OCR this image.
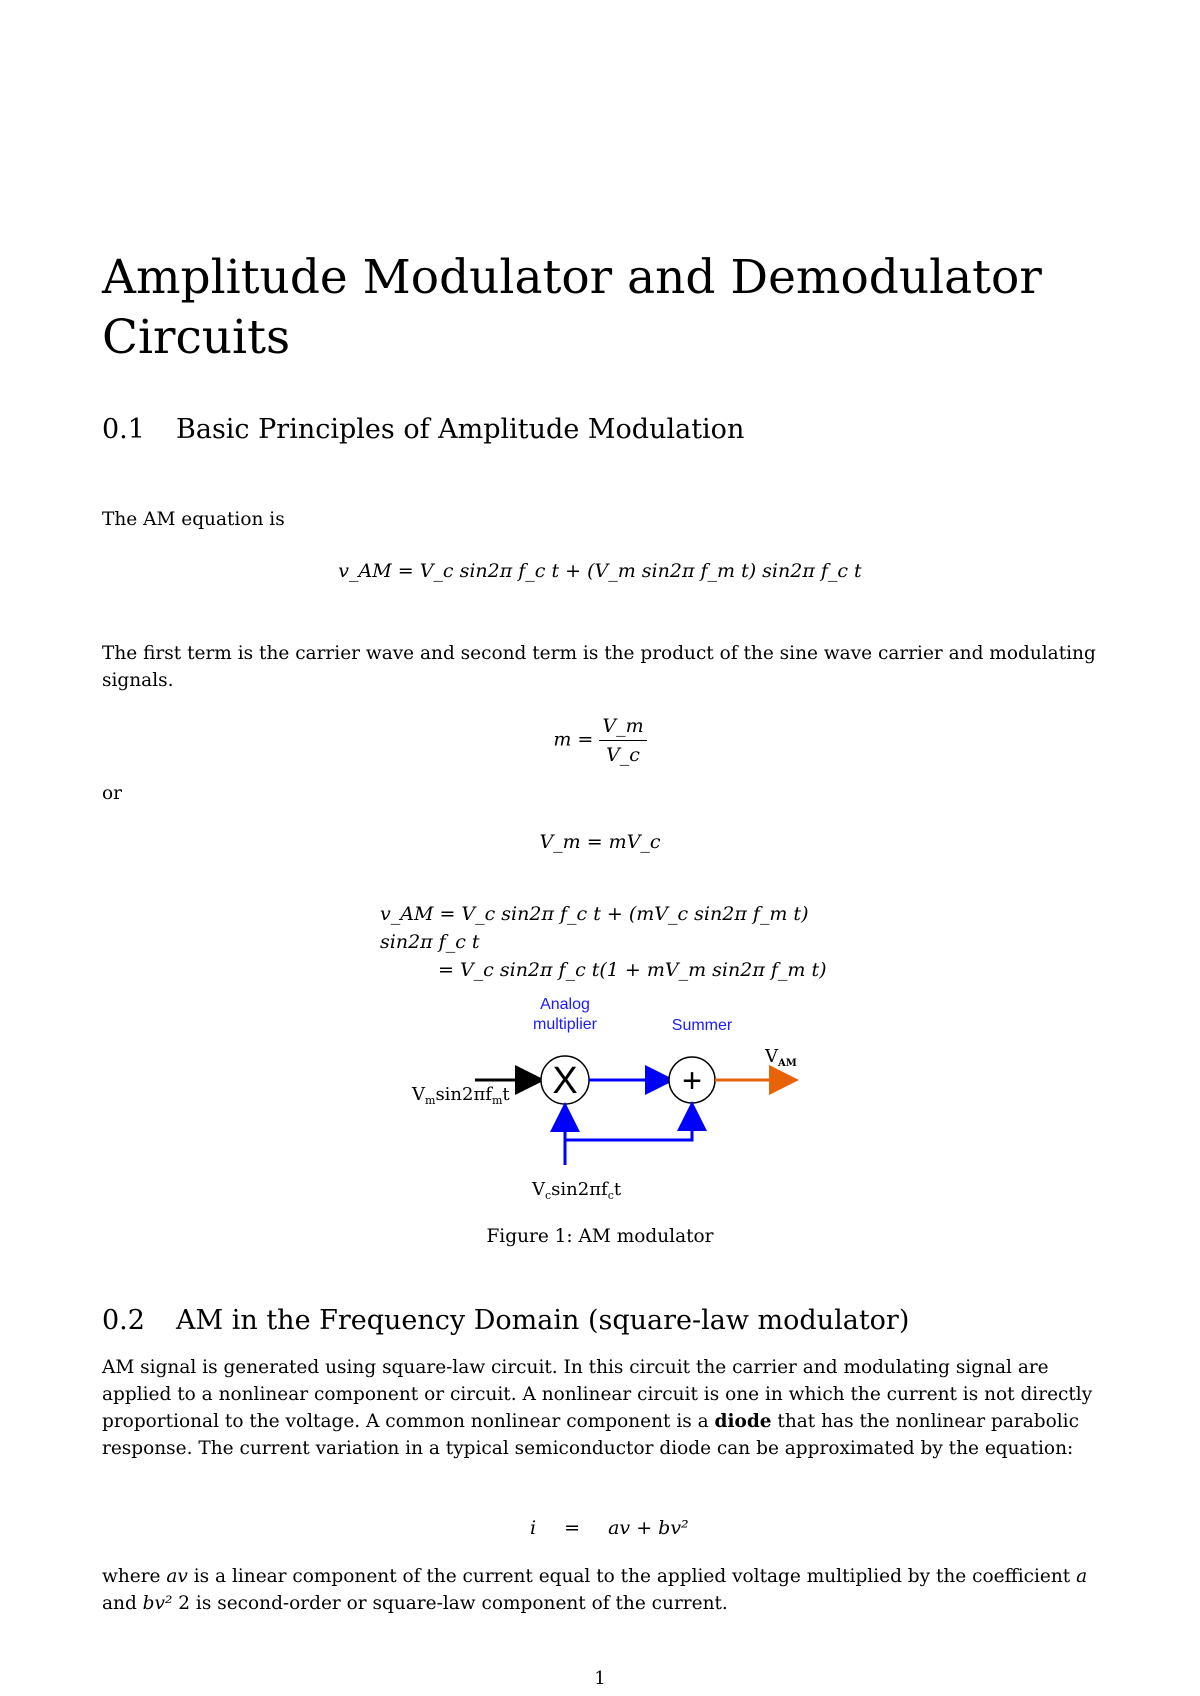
Amplitude Modulator and Demodulator Circuits
0.1 Basic Principles of Amplitude Modulation
The AM equation is
v_AM = V_c sin2π f_c t + (V_m sin2π f_m t) sin2π f_c t
The first term is the carrier wave and second term is the product of the sine wave carrier and modulating signals.
$m = \frac{V\_m}{V\_c}$
or
V_m = mV_c
v_AM = V_c sin2π f_c t + (mV_c sin2π f_m t) sin2π f_c t
= V_c sin2π f_c t(1 + mV_m sin2π f_m t)
Analog
multiplier	Summer
X	+
$V_m\sin 2\pi f_mt$
$V_c\sin 2\pi f_ct$
$V_{AM}$
Figure 1: AM modulator
0.2 AM in the Frequency Domain (square-law modulator)
AM signal is generated using square-law circuit. In this circuit the carrier and modulating signal are applied to a nonlinear component or circuit. A nonlinear circuit is one in which the current is not directly proportional to the voltage. A common nonlinear component is a diode that has the nonlinear parabolic response. The current variation in a typical semiconductor diode can be approximated by the equation:
i = av + bv²
where av is a linear component of the current equal to the applied voltage multiplied by the coefficient a and bv² 2 is second-order or square-law component of the current.
1
